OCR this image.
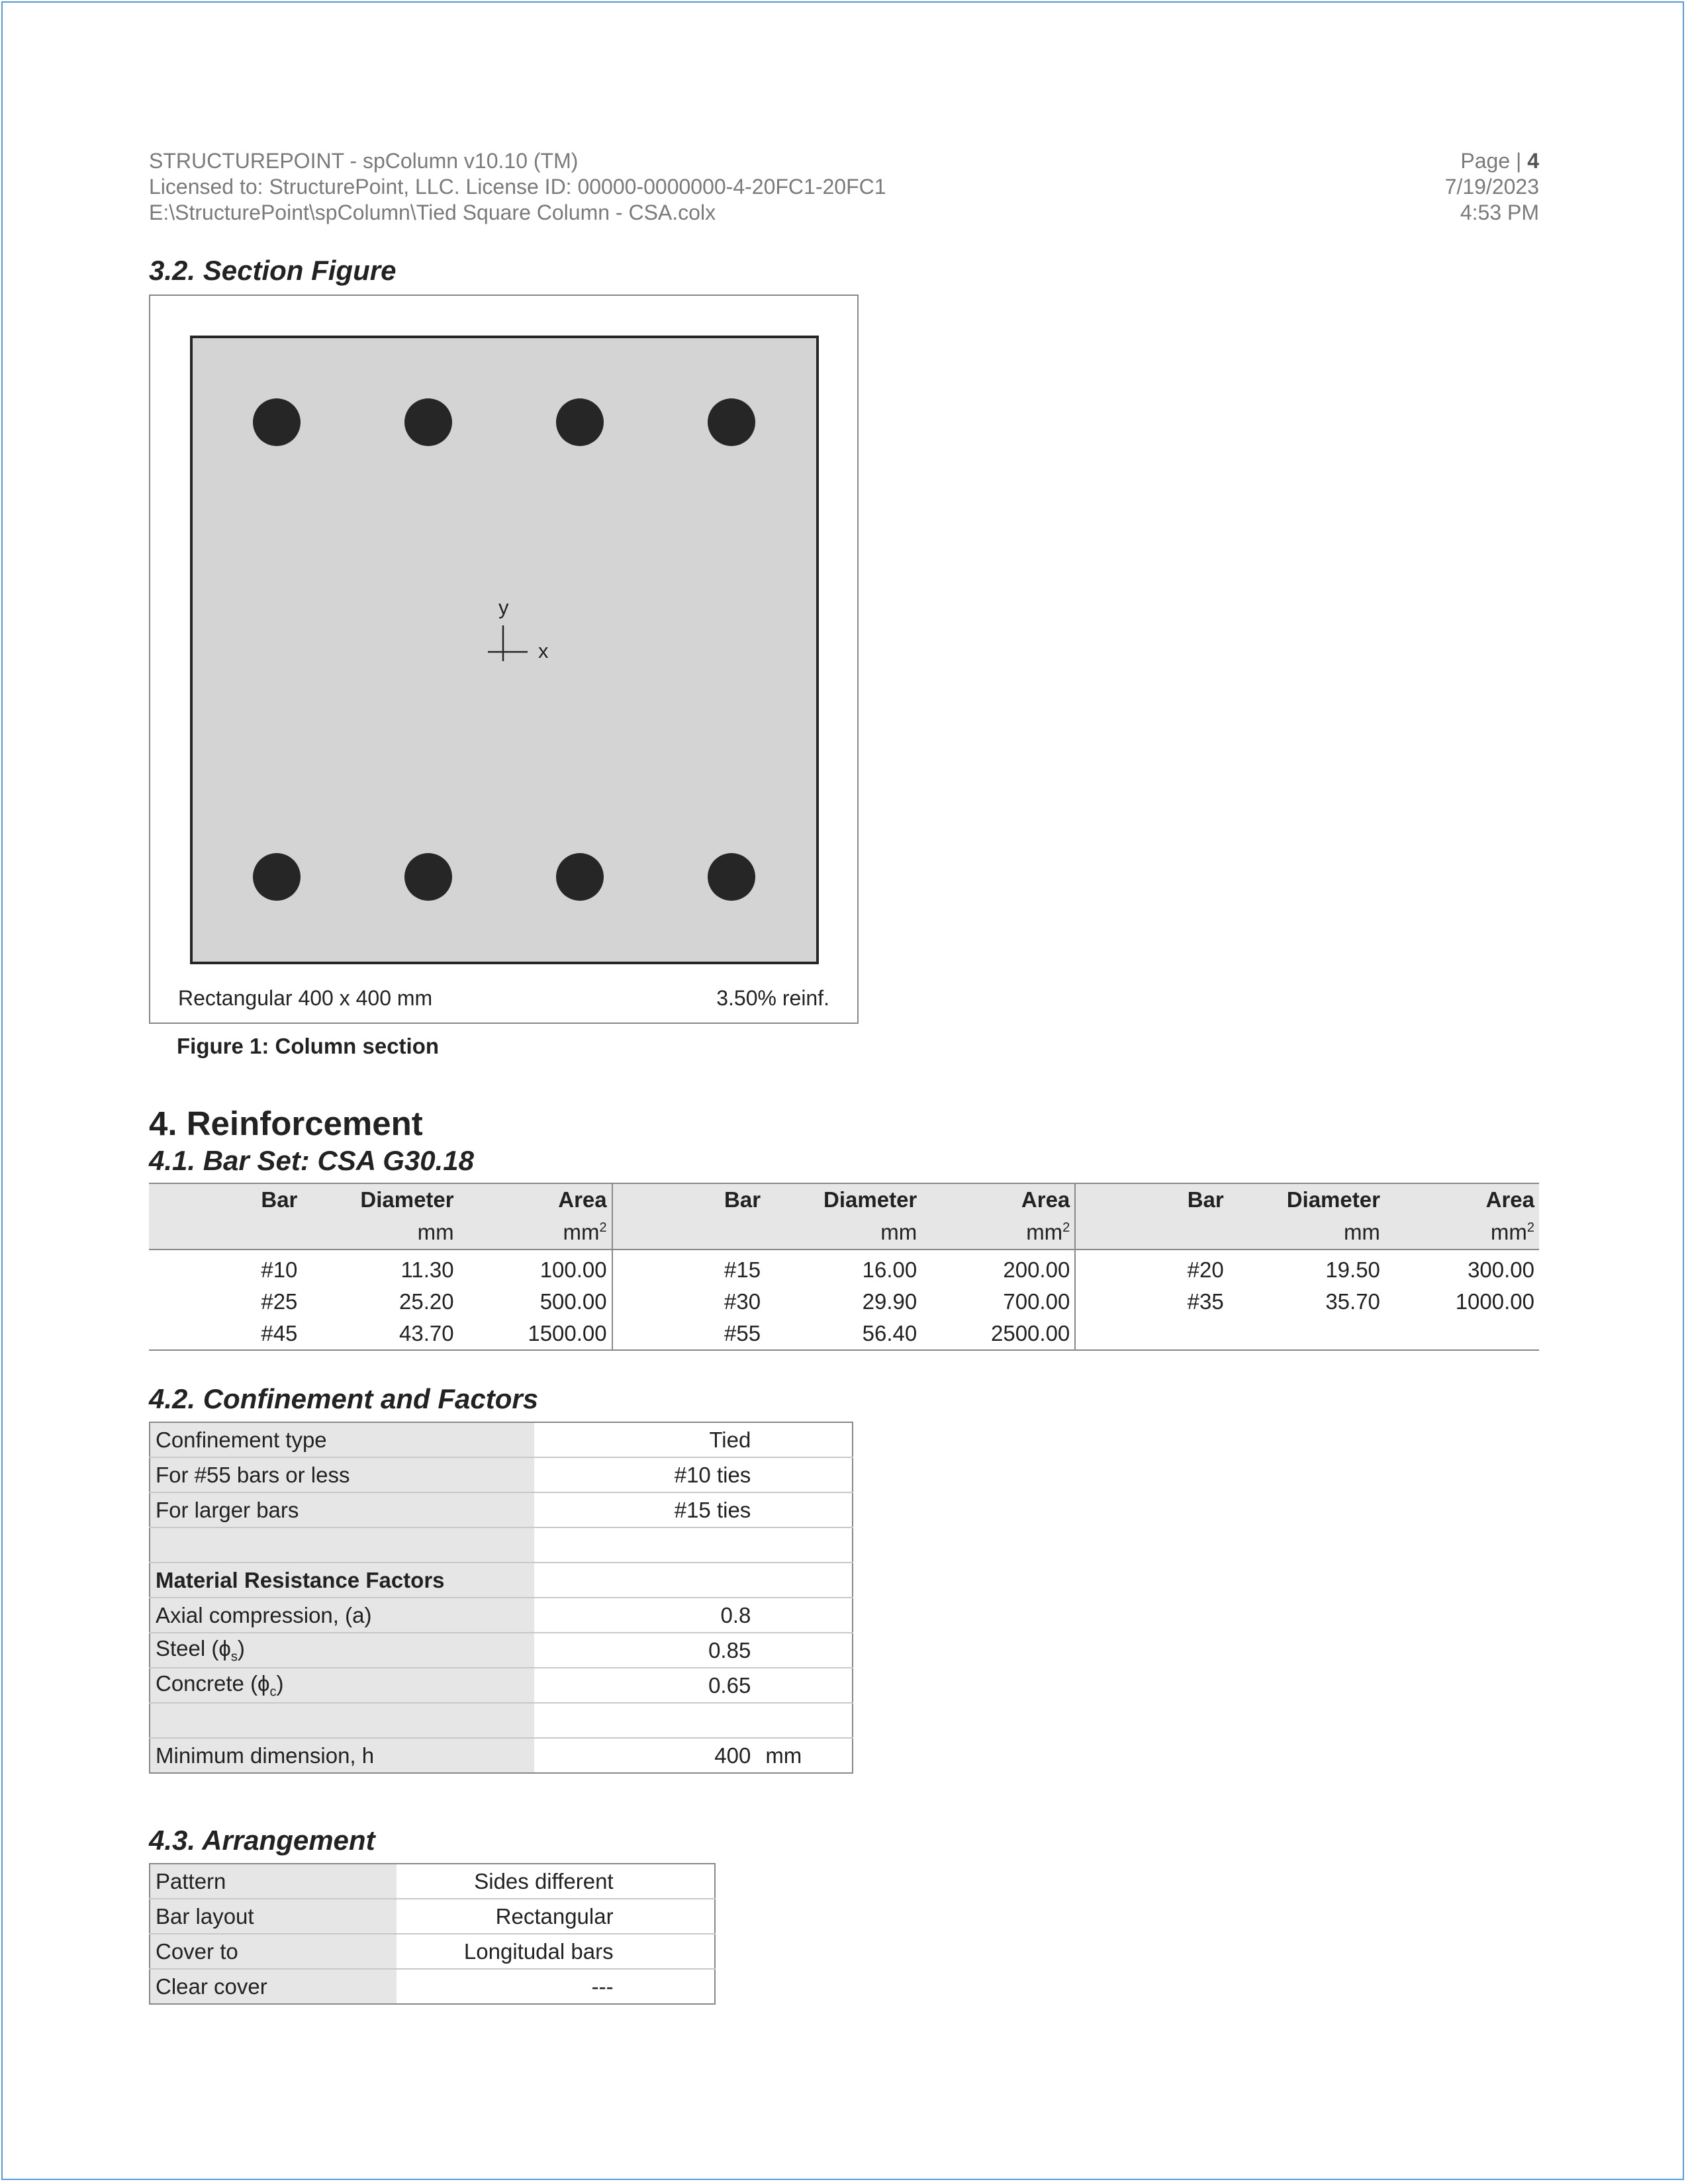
STRUCTUREPOINT - spColumn v10.10 (TM)
Licensed to: StructurePoint, LLC. License ID: 00000-0000000-4-20FC1-20FC1
E:\StructurePoint\spColumn\Tied Square Column - CSA.colx
Page | 4
7/19/2023
4:53 PM
3.2. Section Figure
y
x
Rectangular 400 x 400 mm	3.50% reinf.
Figure 1: Column section
4. Reinforcement
4.1. Bar Set: CSA G30.18
Bar	Diameter	Area	Bar	Diameter	Area	Bar	Diameter	Area
	mm	$mm^2$		mm	$mm^2$		mm	$mm^2$
#10	11.30	100.00	#15	16.00	200.00	#20	19.50	300.00
#25	25.20	500.00	#30	29.90	700.00	#35	35.70	1000.00
#45	43.70	1500.00	#55	56.40	2500.00			
4.2. Confinement and Factors
Confinement type	Tied	
For #55 bars or less	#10 ties	
For larger bars	#15 ties	

Material Resistance Factors		
Axial compression, (a)	0.8	
Steel $(\phi_s)$	0.85	
Concrete $(\phi_c)$	0.65	

Minimum dimension, h	400	mm
4.3. Arrangement
Pattern	Sides different	
Bar layout	Rectangular	
Cover to	Longitudal bars	
Clear cover	---	
